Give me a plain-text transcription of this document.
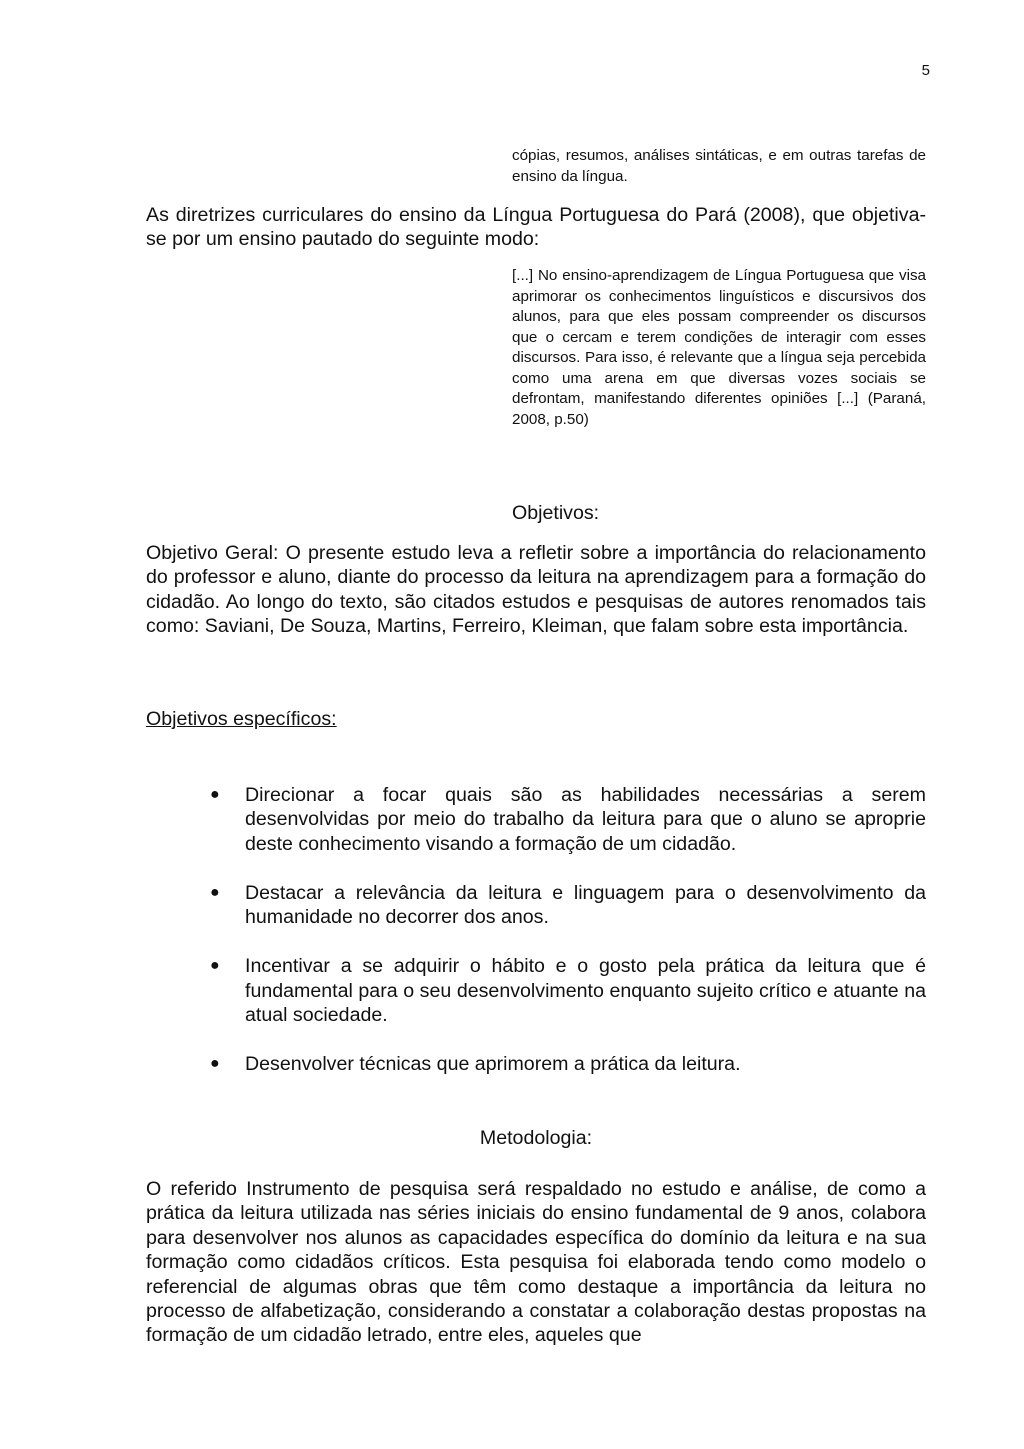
5

cópias, resumos, análises sintáticas, e em outras tarefas de ensino da língua.

As diretrizes curriculares do ensino da Língua Portuguesa do Pará (2008), que objetiva-se por um ensino pautado do seguinte modo:

[...] No ensino-aprendizagem de Língua Portuguesa que visa aprimorar os conhecimentos linguísticos e discursivos dos alunos, para que eles possam compreender os discursos que o cercam e terem condições de interagir com esses discursos. Para isso, é relevante que a língua seja percebida como uma arena em que diversas vozes sociais se defrontam, manifestando diferentes opiniões [...] (Paraná, 2008, p.50)

Objetivos:

Objetivo Geral: O presente estudo leva a refletir sobre a importância do relacionamento do professor e aluno, diante do processo da leitura na aprendizagem para a formação do cidadão. Ao longo do texto, são citados estudos e pesquisas de autores renomados tais como: Saviani, De Souza, Martins, Ferreiro, Kleiman, que falam sobre esta importância.

Objetivos específicos:

● Direcionar a focar quais são as habilidades necessárias a serem desenvolvidas por meio do trabalho da leitura para que o aluno se aproprie deste conhecimento visando a formação de um cidadão.
● Destacar a relevância da leitura e linguagem para o desenvolvimento da humanidade no decorrer dos anos.
● Incentivar a se adquirir o hábito e o gosto pela prática da leitura que é fundamental para o seu desenvolvimento enquanto sujeito crítico e atuante na atual sociedade.
● Desenvolver técnicas que aprimorem a prática da leitura.

Metodologia:

O referido Instrumento de pesquisa será respaldado no estudo e análise, de como a prática da leitura utilizada nas séries iniciais do ensino fundamental de 9 anos, colabora para desenvolver nos alunos as capacidades específica do domínio da leitura e na sua formação como cidadãos críticos. Esta pesquisa foi elaborada tendo como modelo o referencial de algumas obras que têm como destaque a importância da leitura no processo de alfabetização, considerando a constatar a colaboração destas propostas na formação de um cidadão letrado, entre eles, aqueles que
